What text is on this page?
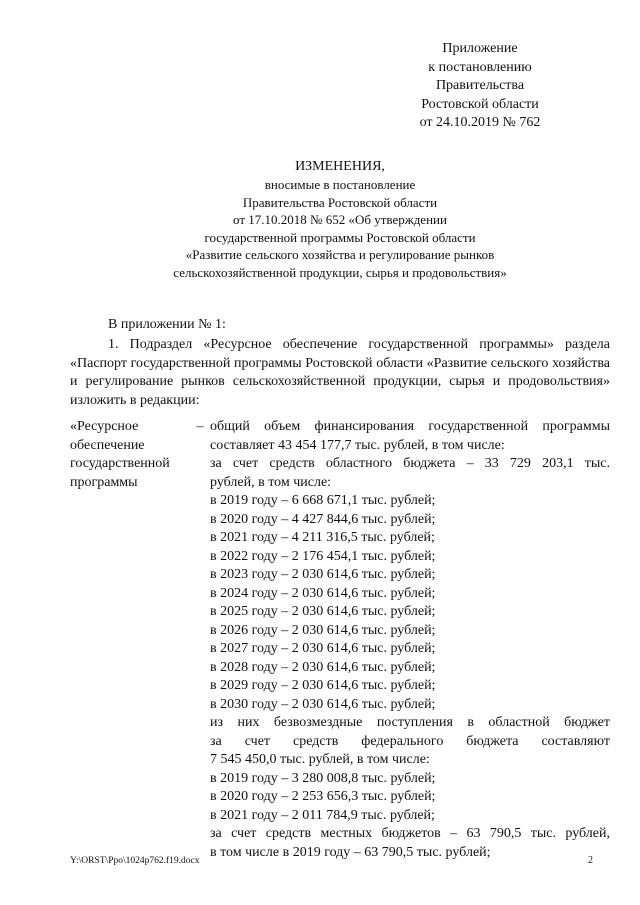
Приложение
к постановлению
Правительства
Ростовской области
от 24.10.2019 № 762
ИЗМЕНЕНИЯ,
вносимые в постановление
Правительства Ростовской области
от 17.10.2018 № 652 «Об утверждении
государственной программы Ростовской области
«Развитие сельского хозяйства и регулирование рынков
сельскохозяйственной продукции, сырья и продовольствия»
В приложении № 1:
1. Подраздел «Ресурсное обеспечение государственной программы» раздела «Паспорт государственной программы Ростовской области «Развитие сельского хозяйства и регулирование рынков сельскохозяйственной продукции, сырья и продовольствия» изложить в редакции:
«Ресурсное
обеспечение
государственной
программы
– общий объем финансирования государственной программы
составляет 43 454 177,7 тыс. рублей, в том числе:
за счет средств областного бюджета – 33 729 203,1 тыс.
рублей, в том числе:
в 2019 году – 6 668 671,1 тыс. рублей;
в 2020 году – 4 427 844,6 тыс. рублей;
в 2021 году – 4 211 316,5 тыс. рублей;
в 2022 году – 2 176 454,1 тыс. рублей;
в 2023 году – 2 030 614,6 тыс. рублей;
в 2024 году – 2 030 614,6 тыс. рублей;
в 2025 году – 2 030 614,6 тыс. рублей;
в 2026 году – 2 030 614,6 тыс. рублей;
в 2027 году – 2 030 614,6 тыс. рублей;
в 2028 году – 2 030 614,6 тыс. рублей;
в 2029 году – 2 030 614,6 тыс. рублей;
в 2030 году – 2 030 614,6 тыс. рублей;
из них безвозмездные поступления в областной бюджет
за счет средств федерального бюджета составляют
7 545 450,0 тыс. рублей, в том числе:
в 2019 году – 3 280 008,8 тыс. рублей;
в 2020 году – 2 253 656,3 тыс. рублей;
в 2021 году – 2 011 784,9 тыс. рублей;
за счет средств местных бюджетов – 63 790,5 тыс. рублей,
в том числе в 2019 году – 63 790,5 тыс. рублей;
Y:\ORST\Ppo\1024p762.f19.docx	2
